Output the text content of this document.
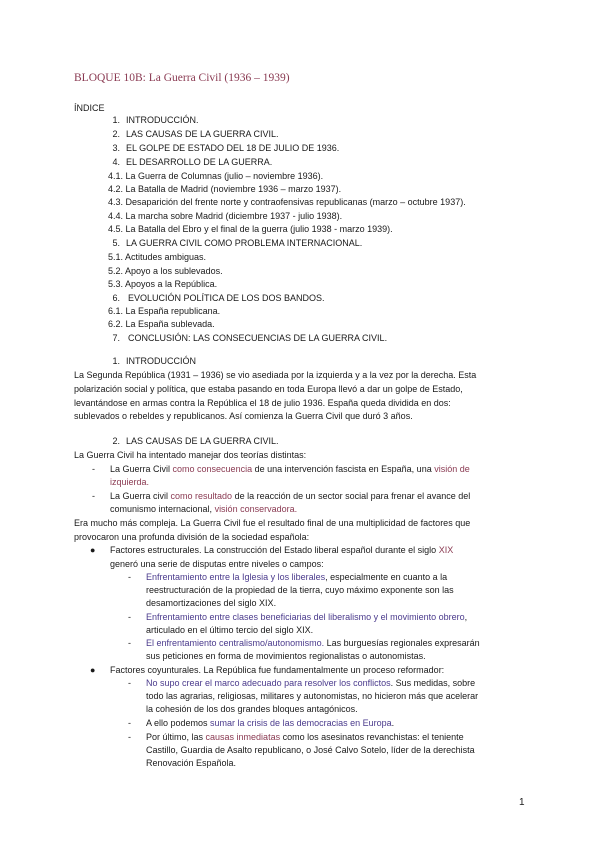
BLOQUE 10B: La Guerra Civil (1936 – 1939)
ÍNDICE
1. INTRODUCCIÓN.
2. LAS CAUSAS DE LA GUERRA CIVIL.
3. EL GOLPE DE ESTADO DEL 18 DE JULIO DE 1936.
4. EL DESARROLLO DE LA GUERRA.
4.1. La Guerra de Columnas (julio – noviembre 1936).
4.2. La Batalla de Madrid (noviembre 1936 – marzo 1937).
4.3. Desaparición del frente norte y contraofensivas republicanas (marzo – octubre 1937).
4.4. La marcha sobre Madrid (diciembre 1937 - julio 1938).
4.5. La Batalla del Ebro y el final de la guerra (julio 1938 - marzo 1939).
5. LA GUERRA CIVIL COMO PROBLEMA INTERNACIONAL.
5.1. Actitudes ambiguas.
5.2. Apoyo a los sublevados.
5.3. Apoyos a la República.
6. EVOLUCIÓN POLÍTICA DE LOS DOS BANDOS.
6.1. La España republicana.
6.2. La España sublevada.
7. CONCLUSIÓN: LAS CONSECUENCIAS DE LA GUERRA CIVIL.
1. INTRODUCCIÓN
La Segunda República (1931 – 1936) se vio asediada por la izquierda y a la vez por la derecha. Esta
polarización social y política, que estaba pasando en toda Europa llevó a dar un golpe de Estado,
levantándose en armas contra la República el 18 de julio 1936. España queda dividida en dos:
sublevados o rebeldes y republicanos. Así comienza la Guerra Civil que duró 3 años.
2. LAS CAUSAS DE LA GUERRA CIVIL.
La Guerra Civil ha intentado manejar dos teorías distintas:
- La Guerra Civil como consecuencia de una intervención fascista en España, una visión de
izquierda.
- La Guerra civil como resultado de la reacción de un sector social para frenar el avance del
comunismo internacional, visión conservadora.
Era mucho más compleja. La Guerra Civil fue el resultado final de una multiplicidad de factores que
provocaron una profunda división de la sociedad española:
● Factores estructurales. La construcción del Estado liberal español durante el siglo XIX
generó una serie de disputas entre niveles o campos:
- Enfrentamiento entre la Iglesia y los liberales, especialmente en cuanto a la
reestructuración de la propiedad de la tierra, cuyo máximo exponente son las
desamortizaciones del siglo XIX.
- Enfrentamiento entre clases beneficiarias del liberalismo y el movimiento obrero,
articulado en el último tercio del siglo XIX.
- El enfrentamiento centralismo/autonomismo. Las burguesías regionales expresarán
sus peticiones en forma de movimientos regionalistas o autonomistas.
● Factores coyunturales. La República fue fundamentalmente un proceso reformador:
- No supo crear el marco adecuado para resolver los conflictos. Sus medidas, sobre
todo las agrarias, religiosas, militares y autonomistas, no hicieron más que acelerar
la cohesión de los dos grandes bloques antagónicos.
- A ello podemos sumar la crisis de las democracias en Europa.
- Por último, las causas inmediatas como los asesinatos revanchistas: el teniente
Castillo, Guardia de Asalto republicano, o José Calvo Sotelo, líder de la derechista
Renovación Española.
1
